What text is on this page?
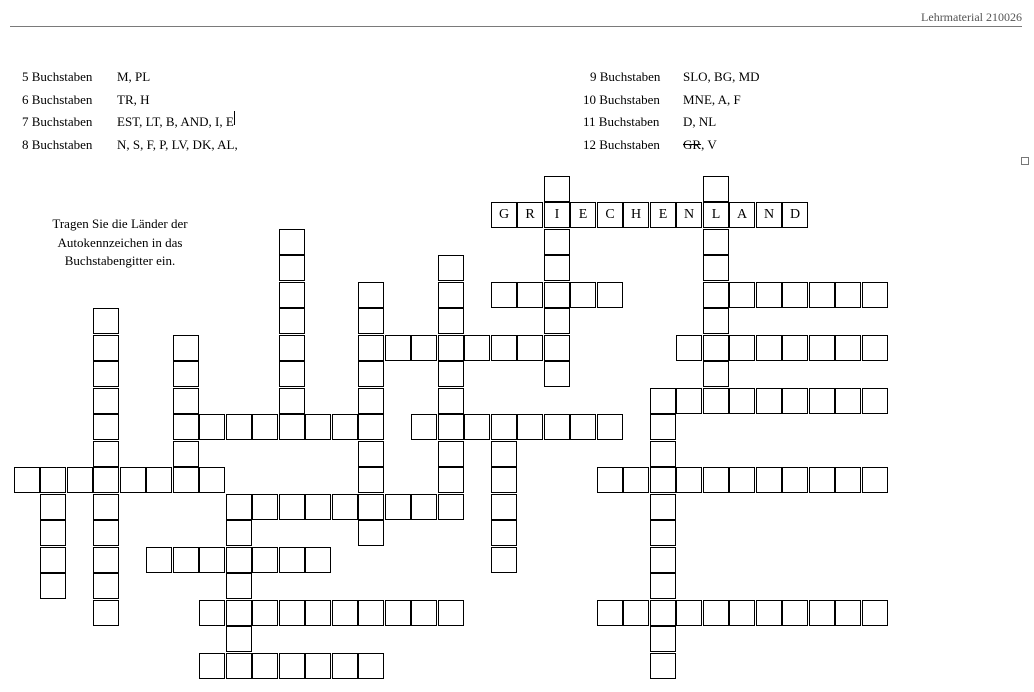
Lehrmaterial 210026
5 Buchstaben	M, PL
6 Buchstaben	TR, H
7 Buchstaben	EST, LT, B, AND, I, E
8 Buchstaben	N, S, F, P, LV, DK, AL,
9 Buchstaben	SLO, BG, MD
10 Buchstaben	MNE, A, F
11 Buchstaben	D, NL
12 Buchstaben	GR , V
Tragen Sie die Länder der Autokennzeichen in das Buchstabengitter ein.
G	R	I	E	C	H	E	N	L	A	N	D
